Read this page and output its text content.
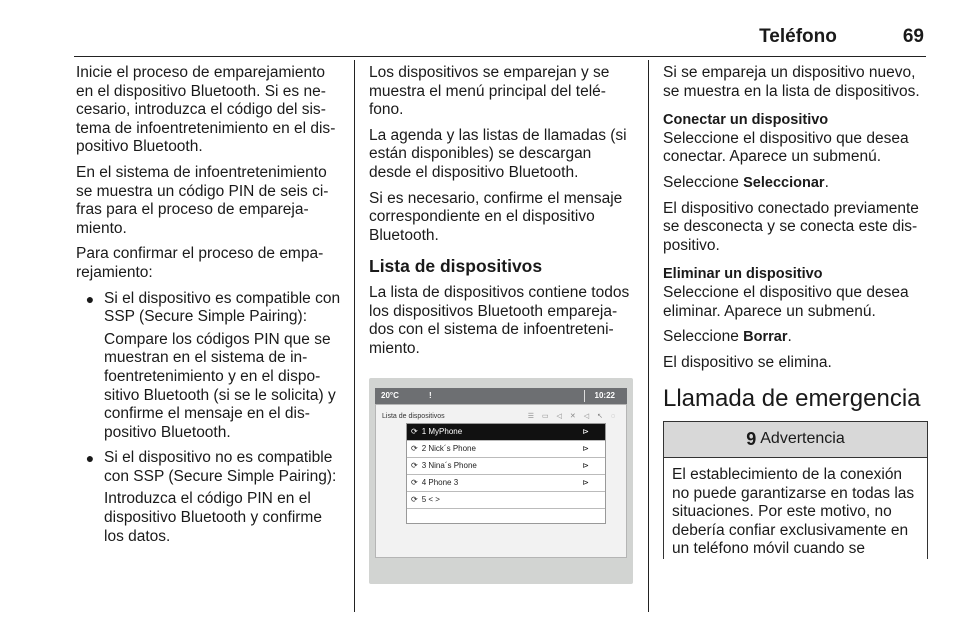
Teléfono	69

Inicie el proceso de emparejamiento en el dispositivo Bluetooth. Si es necesario, introduzca el código del sistema de infoentretenimiento en el dispositivo Bluetooth.

En el sistema de infoentretenimiento se muestra un código PIN de seis cifras para el proceso de emparejamiento.

Para confirmar el proceso de emparejamiento:

● Si el dispositivo es compatible con SSP (Secure Simple Pairing):

Compare los códigos PIN que se muestran en el sistema de infoentretenimiento y en el dispositivo Bluetooth (si se le solicita) y confirme el mensaje en el dispositivo Bluetooth.

● Si el dispositivo no es compatible con SSP (Secure Simple Pairing):

Introduzca el código PIN en el dispositivo Bluetooth y confirme los datos.

Los dispositivos se emparejan y se muestra el menú principal del teléfono.

La agenda y las listas de llamadas (si están disponibles) se descargan desde el dispositivo Bluetooth.

Si es necesario, confirme el mensaje correspondiente en el dispositivo Bluetooth.

Lista de dispositivos

La lista de dispositivos contiene todos los dispositivos Bluetooth emparejados con el sistema de infoentretenimiento.

20°C	!	10:22
Lista de dispositivos	☰ ▭ ◁ ✕ ◁ ↖ ◌
⟳ 1 MyPhone	⊳
⟳ 2 Nick´s Phone	⊳
⟳ 3 Nina´s Phone	⊳
⟳ 4 Phone 3	⊳
⟳ 5 < >

Si se empareja un dispositivo nuevo, se muestra en la lista de dispositivos.

Conectar un dispositivo

Seleccione el dispositivo que desea conectar. Aparece un submenú.

Seleccione Seleccionar.

El dispositivo conectado previamente se desconecta y se conecta este dispositivo.

Eliminar un dispositivo

Seleccione el dispositivo que desea eliminar. Aparece un submenú.

Seleccione Borrar.

El dispositivo se elimina.

Llamada de emergencia
9 Advertencia
El establecimiento de la conexión no puede garantizarse en todas las situaciones. Por este motivo, no debería confiar exclusivamente en un teléfono móvil cuando se
